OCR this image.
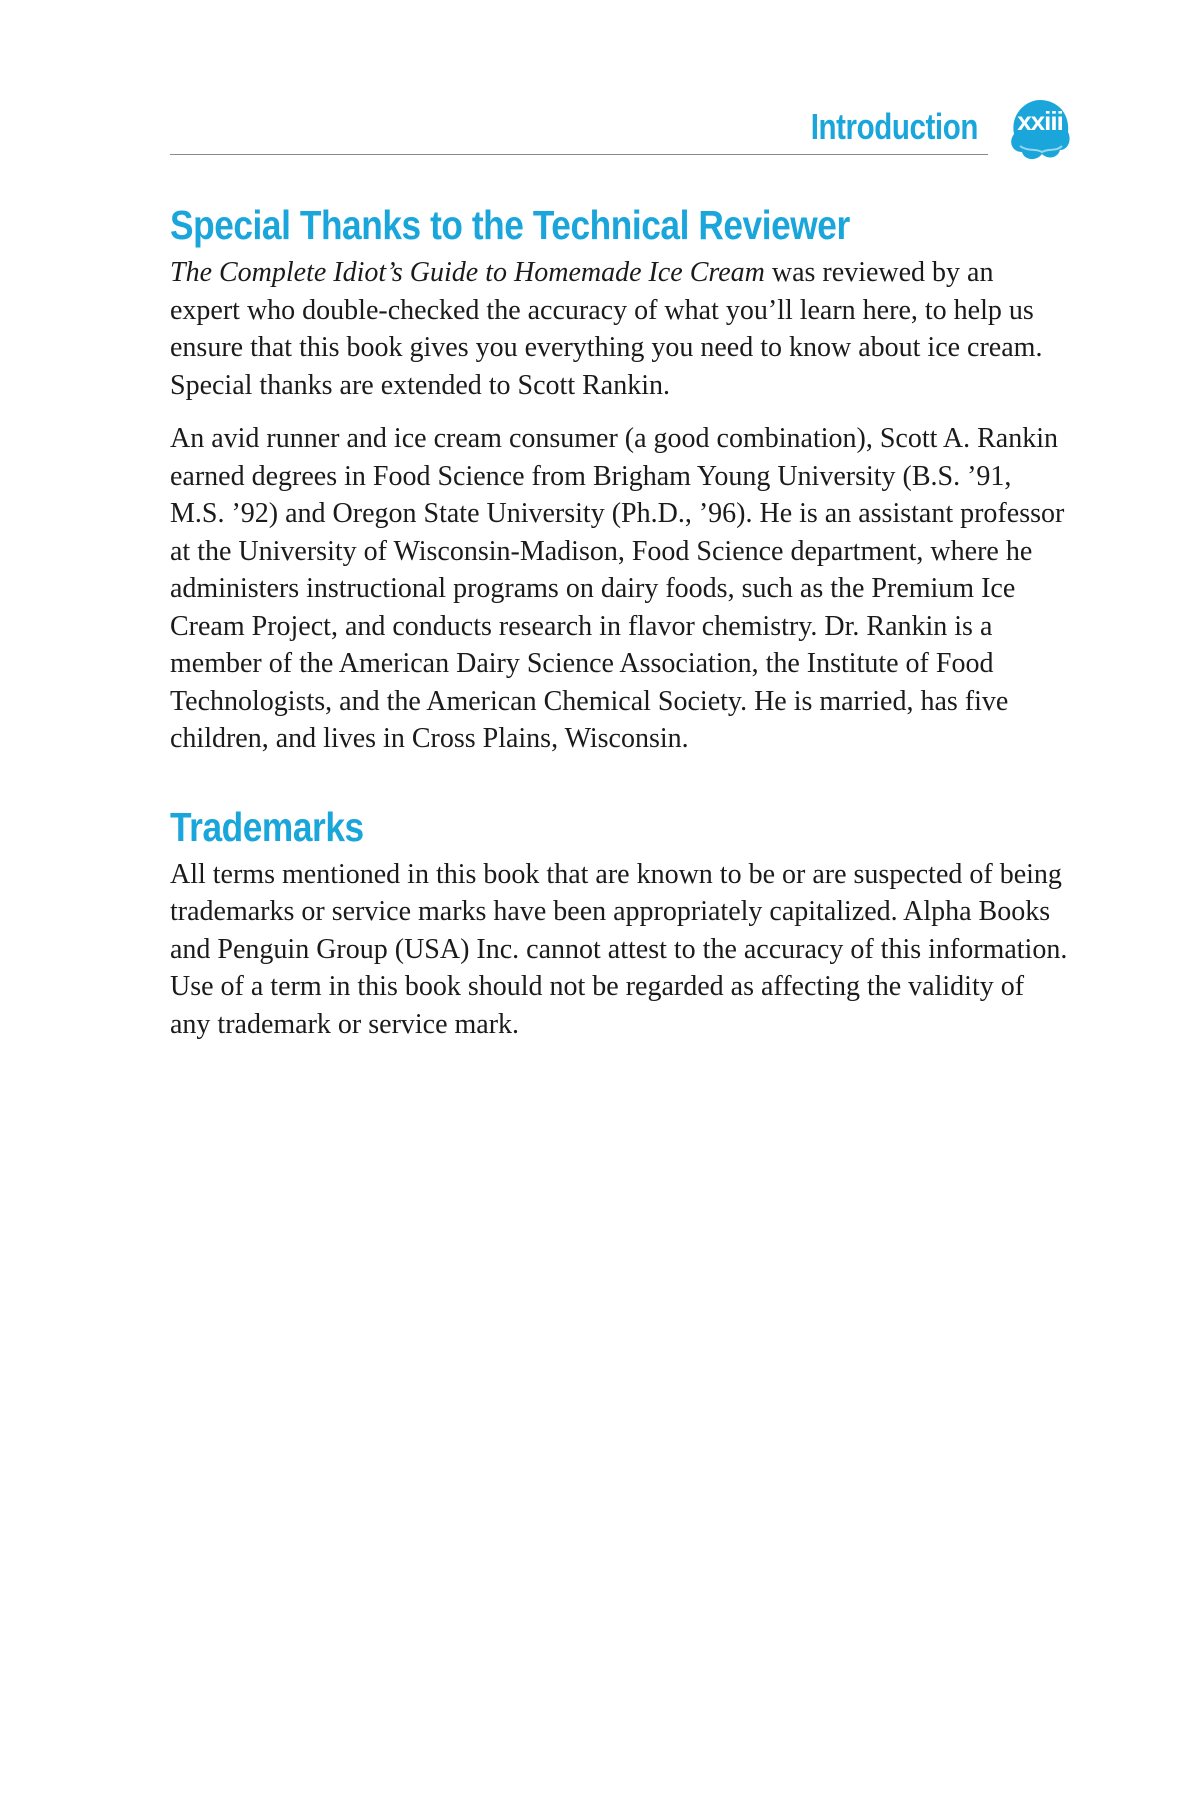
Introduction	xxiii
Special Thanks to the Technical Reviewer

The Complete Idiot’s Guide to Homemade Ice Cream was reviewed by an expert who double-checked the accuracy of what you’ll learn here, to help us ensure that this book gives you everything you need to know about ice cream. Special thanks are extended to Scott Rankin.

An avid runner and ice cream consumer (a good combination), Scott A. Rankin earned degrees in Food Science from Brigham Young University (B.S. ’91, M.S. ’92) and Oregon State University (Ph.D., ’96). He is an assistant professor at the University of Wisconsin-Madison, Food Science department, where he administers instructional programs on dairy foods, such as the Premium Ice Cream Project, and conducts research in flavor chemistry. Dr. Rankin is a member of the American Dairy Science Association, the Institute of Food Technologists, and the American Chemical Society. He is married, has five children, and lives in Cross Plains, Wisconsin.

Trademarks

All terms mentioned in this book that are known to be or are suspected of being trademarks or service marks have been appropriately capitalized. Alpha Books and Penguin Group (USA) Inc. cannot attest to the accuracy of this information. Use of a term in this book should not be regarded as affecting the validity of any trademark or service mark.
